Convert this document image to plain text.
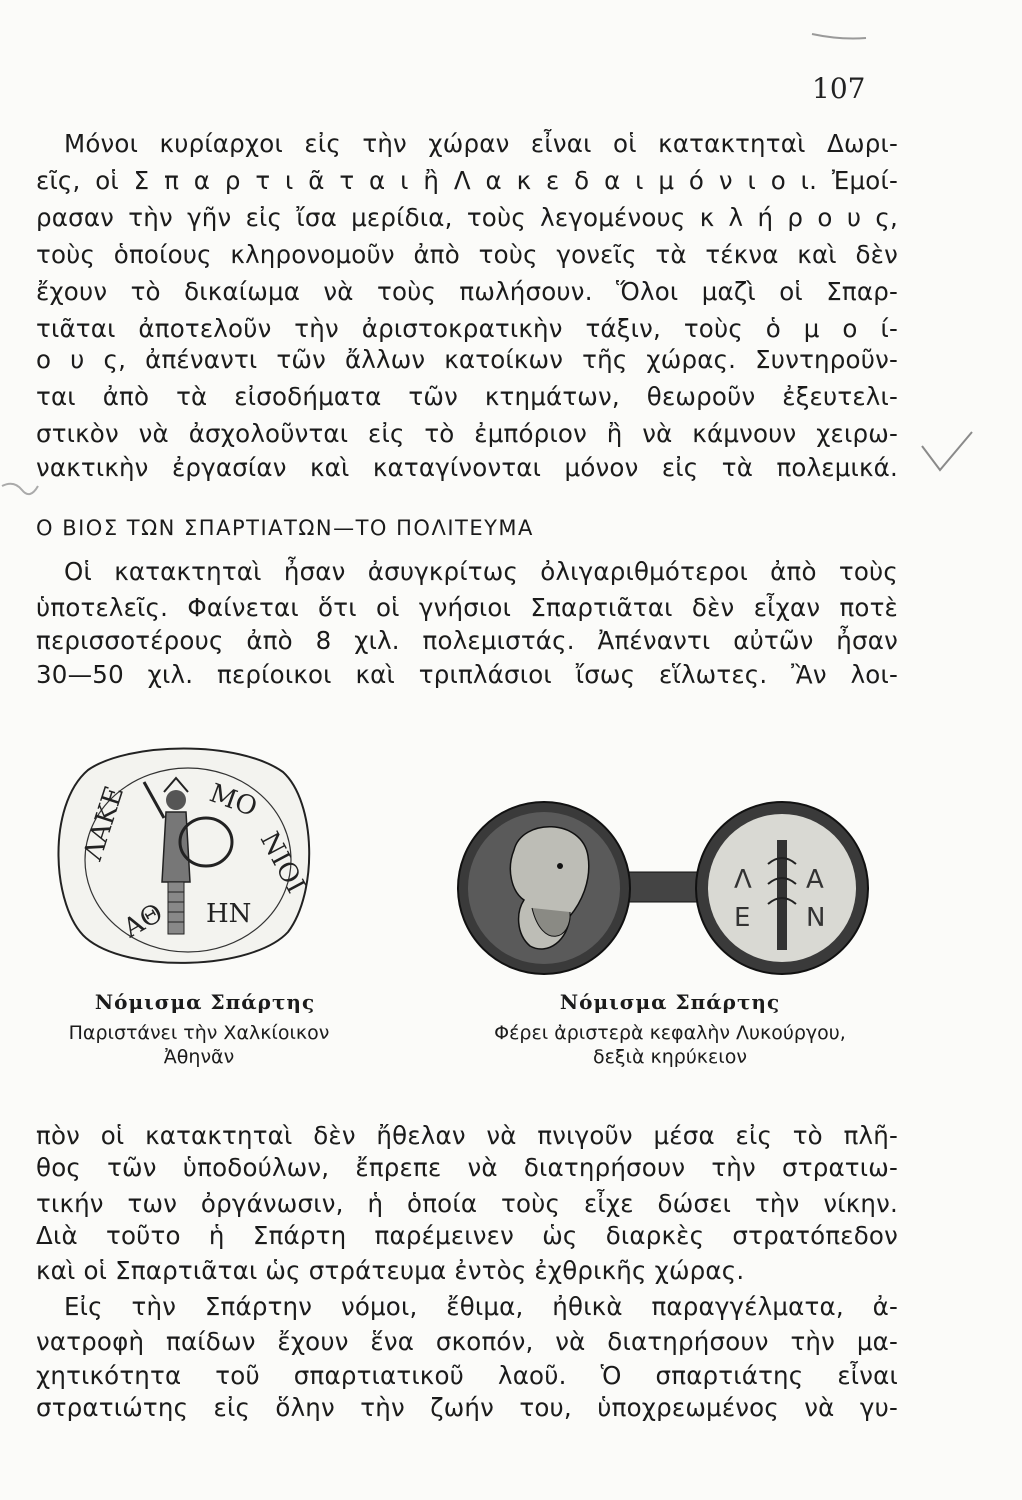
107
Μόνοι κυρίαρχοι εἰς τὴν χώραν εἶναι οἱ κατακτηταὶ Δωρι-
εῖς, οἱ Σ π α ρ τ ι ᾶ τ α ι ἢ Λ α κ ε δ α ι μ ό ν ι ο ι. Ἐμοί-
ρασαν τὴν γῆν εἰς ἴσα μερίδια, τοὺς λεγομένους κ λ ή ρ ο υ ς,
τοὺς ὁποίους κληρονομοῦν ἀπὸ τοὺς γονεῖς τὰ τέκνα καὶ δὲν
ἔχουν τὸ δικαίωμα νὰ τοὺς πωλήσουν. Ὅλοι μαζὶ οἱ Σπαρ-
τιᾶται ἀποτελοῦν τὴν ἀριστοκρατικὴν τάξιν, τοὺς ὁ μ ο ί-
ο υ ς, ἀπέναντι τῶν ἄλλων κατοίκων τῆς χώρας. Συντηροῦν-
ται ἀπὸ τὰ εἰσοδήματα τῶν κτημάτων, θεωροῦν ἐξευτελι-
στικὸν νὰ ἀσχολοῦνται εἰς τὸ ἐμπόριον ἢ νὰ κάμνουν χειρω-
νακτικὴν ἐργασίαν καὶ καταγίνονται μόνον εἰς τὰ πολεμικά.
Ο ΒΙΟΣ ΤΩΝ ΣΠΑΡΤΙΑΤΩΝ—ΤΟ ΠΟΛΙΤΕΥΜΑ
Οἱ κατακτηταὶ ἦσαν ἀσυγκρίτως ὀλιγαριθμότεροι ἀπὸ τοὺς
ὑποτελεῖς. Φαίνεται ὅτι οἱ γνήσιοι Σπαρτιᾶται δὲν εἶχαν ποτὲ
περισσοτέρους ἀπὸ 8 χιλ. πολεμιστάς. Ἀπέναντι αὐτῶν ἦσαν
30—50 χιλ. περίοικοι καὶ τριπλάσιοι ἴσως εἵλωτες. Ἂν λοι-
ΛΑΚΕ	ΜΟ
ΝΙΟΙ
ΑΘ ΗΝ
Λ Α
Ε Ν
Νόμισμα Σπάρτης
Παριστάνει τὴν Χαλκίοικον
Ἀθηνᾶν
Νόμισμα Σπάρτης
Φέρει ἀριστερὰ κεφαλὴν Λυκούργου,
δεξιὰ κηρύκειον
πὸν οἱ κατακτηταὶ δὲν ἤθελαν νὰ πνιγοῦν μέσα εἰς τὸ πλῆ-
θος τῶν ὑποδούλων, ἔπρεπε νὰ διατηρήσουν τὴν στρατιω-
τικήν των ὀργάνωσιν, ἡ ὁποία τοὺς εἶχε δώσει τὴν νίκην.
Διὰ τοῦτο ἡ Σπάρτη παρέμεινεν ὡς διαρκὲς στρατόπεδον
καὶ οἱ Σπαρτιᾶται ὡς στράτευμα ἐντὸς ἐχθρικῆς χώρας.
Εἰς τὴν Σπάρτην νόμοι, ἔθιμα, ἠθικὰ παραγγέλματα, ἀ-
νατροφὴ παίδων ἔχουν ἕνα σκοπόν, νὰ διατηρήσουν τὴν μα-
χητικότητα τοῦ σπαρτιατικοῦ λαοῦ. Ὁ σπαρτιάτης εἶναι
στρατιώτης εἰς ὅλην τὴν ζωήν του, ὑποχρεωμένος νὰ γυ-
